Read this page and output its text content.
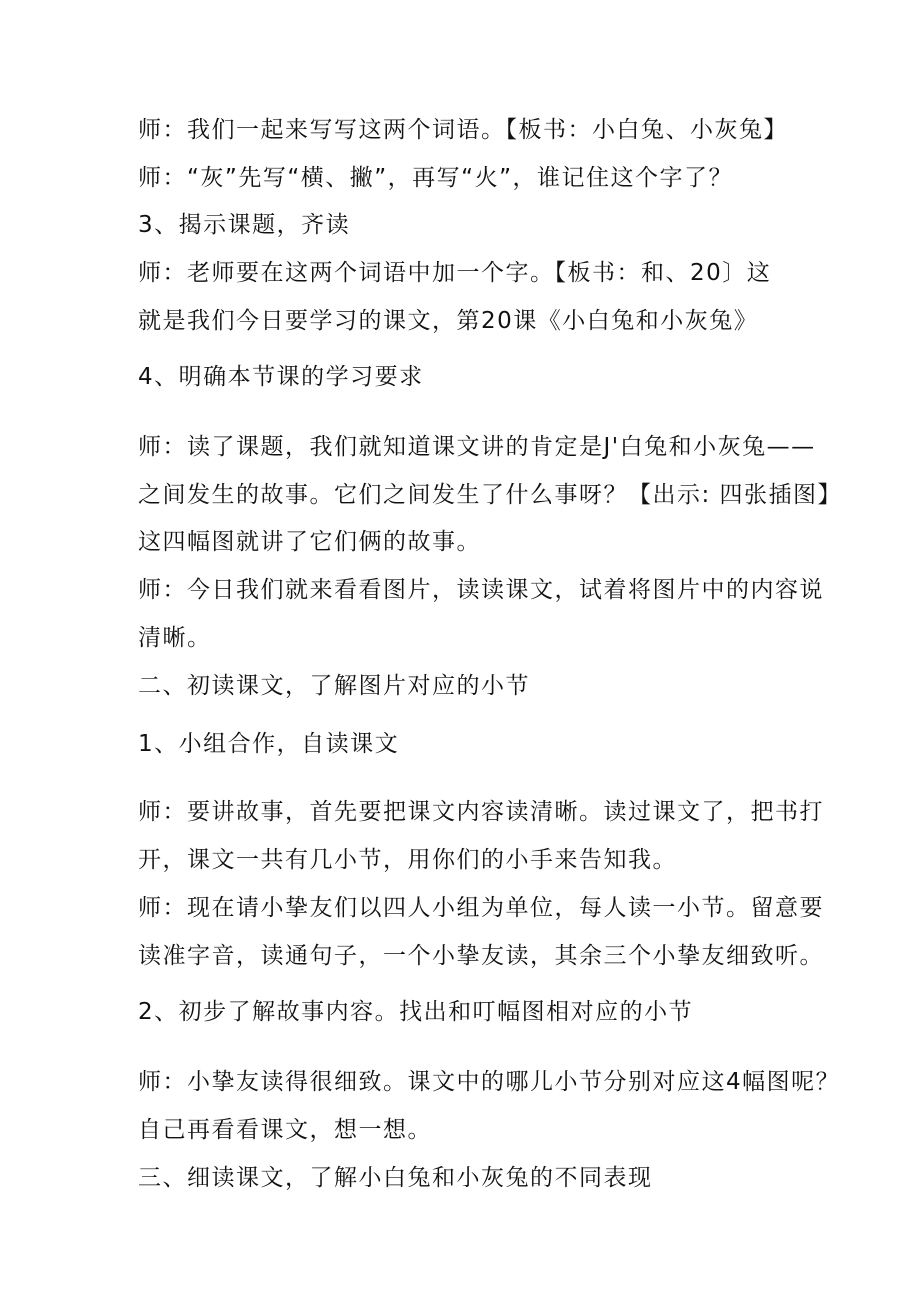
师：我们一起来写写这两个词语。【板书：小白兔、小灰兔】
师：“灰”先写“横、撇”，再写“火”，谁记住这个字了？
3、揭示课题，齐读
师：老师要在这两个词语中加一个字。【板书：和、20〕这
就是我们今日要学习的课文，第20课《小白兔和小灰兔》
4、明确本节课的学习要求
师：读了课题，我们就知道课文讲的肯定是J'白兔和小灰兔——
之间发生的故事。它们之间发生了什么事呀？【出示: 四张插图】
这四幅图就讲了它们俩的故事。
师：今日我们就来看看图片，读读课文，试着将图片中的内容说
清晰。
二、初读课文，了解图片对应的小节
1、小组合作，自读课文
师：要讲故事，首先要把课文内容读清晰。读过课文了，把书打
开，课文一共有几小节，用你们的小手来告知我。
师：现在请小挚友们以四人小组为单位，每人读一小节。留意要
读准字音，读通句子，一个小挚友读，其余三个小挚友细致听。
2、初步了解故事内容。找出和叮幅图相对应的小节
师：小挚友读得很细致。课文中的哪儿小节分别对应这4幅图呢？
自己再看看课文，想一想。
三、细读课文，了解小白兔和小灰兔的不同表现
